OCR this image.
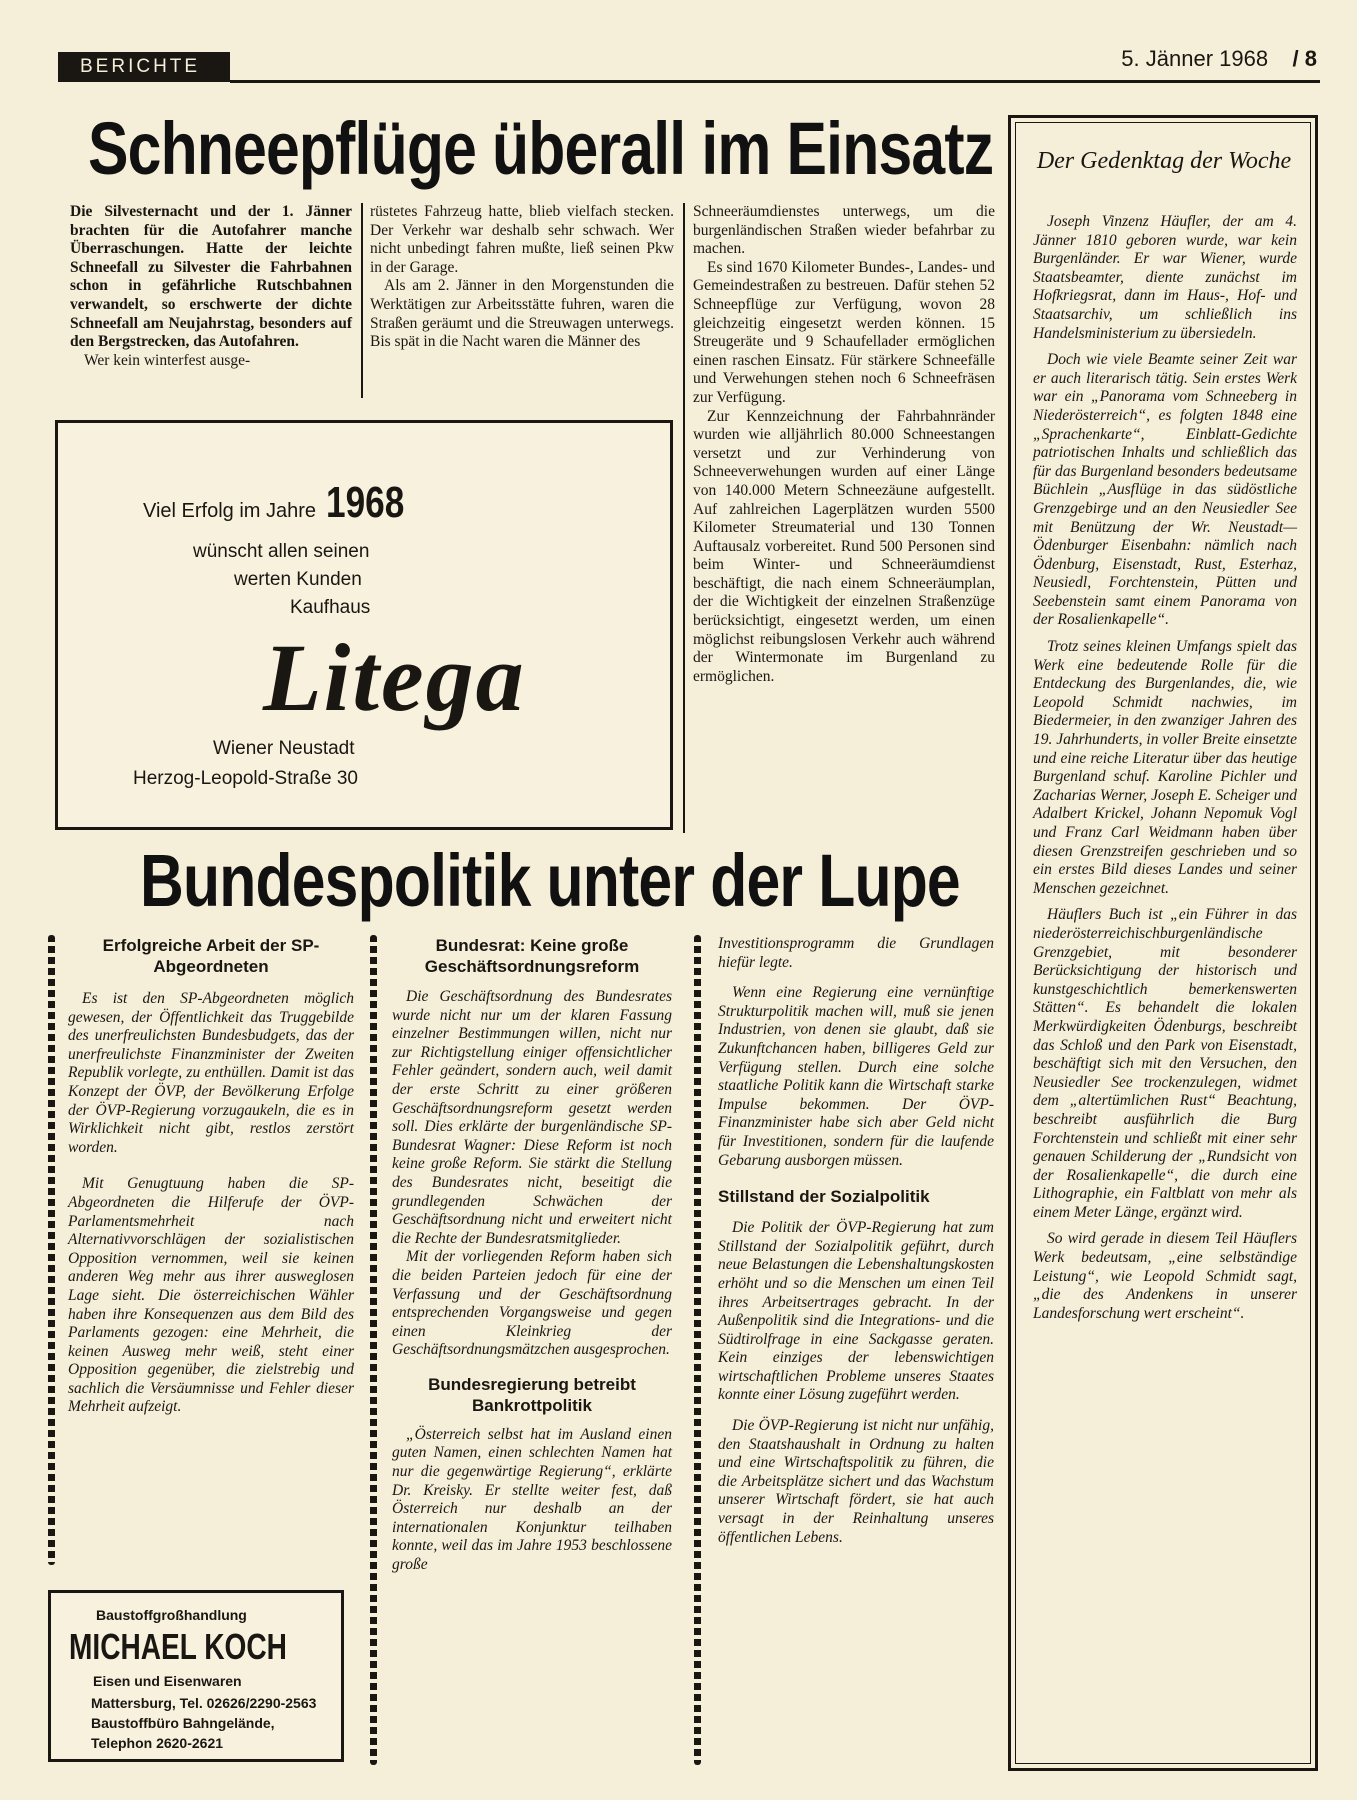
BERICHTE	5. Jänner 1968 / 8
Schneepflüge überall im Einsatz

Die Silvesternacht und der 1. Jänner brachten für die Autofahrer manche Überraschungen. Hatte der leichte Schneefall zu Silvester die Fahrbahnen schon in gefährliche Rutschbahnen verwandelt, so erschwerte der dichte Schneefall am Neujahrstag, besonders auf den Bergstrecken, das Autofahren.

Wer kein winterfest ausge-

rüstetes Fahrzeug hatte, blieb vielfach stecken. Der Verkehr war deshalb sehr schwach. Wer nicht unbedingt fahren mußte, ließ seinen Pkw in der Garage.

Als am 2. Jänner in den Morgenstunden die Werktätigen zur Arbeitsstätte fuhren, waren die Straßen geräumt und die Streuwagen unterwegs. Bis spät in die Nacht waren die Männer des

Schneeräumdienstes unterwegs, um die burgenländischen Straßen wieder befahrbar zu machen.

Es sind 1670 Kilometer Bundes-, Landes- und Gemeindestraßen zu bestreuen. Dafür stehen 52 Schneepflüge zur Verfügung, wovon 28 gleichzeitig eingesetzt werden können. 15 Streugeräte und 9 Schaufellader ermöglichen einen raschen Einsatz. Für stärkere Schneefälle und Verwehungen stehen noch 6 Schneefräsen zur Verfügung.

Zur Kennzeichnung der Fahrbahnränder wurden wie alljährlich 80.000 Schneestangen versetzt und zur Verhinderung von Schneeverwehungen wurden auf einer Länge von 140.000 Metern Schneezäune aufgestellt. Auf zahlreichen Lagerplätzen wurden 5500 Kilometer Streumaterial und 130 Tonnen Auftausalz vorbereitet. Rund 500 Personen sind beim Winter- und Schneeräumdienst beschäftigt, die nach einem Schneeräumplan, der die Wichtigkeit der einzelnen Straßenzüge berücksichtigt, eingesetzt werden, um einen möglichst reibungslosen Verkehr auch während der Wintermonate im Burgenland zu ermöglichen.

Viel Erfolg im Jahre 1968
wünscht allen seinen
werten Kunden
Kaufhaus
Litega
Wiener Neustadt
Herzog-Leopold-Straße 30
Bundespolitik unter der Lupe
Erfolgreiche Arbeit der SP-Abgeordneten

Es ist den SP-Abgeordneten möglich gewesen, der Öffentlichkeit das Truggebilde des unerfreulichsten Bundesbudgets, das der unerfreulichste Finanzminister der Zweiten Republik vorlegte, zu enthüllen. Damit ist das Konzept der ÖVP, der Bevölkerung Erfolge der ÖVP-Regierung vorzugaukeln, die es in Wirklichkeit nicht gibt, restlos zerstört worden.

Mit Genugtuung haben die SP-Abgeordneten die Hilferufe der ÖVP-Parlamentsmehrheit nach Alternativvorschlägen der sozialistischen Opposition vernommen, weil sie keinen anderen Weg mehr aus ihrer ausweglosen Lage sieht. Die österreichischen Wähler haben ihre Konsequenzen aus dem Bild des Parlaments gezogen: eine Mehrheit, die keinen Ausweg mehr weiß, steht einer Opposition gegenüber, die zielstrebig und sachlich die Versäumnisse und Fehler dieser Mehrheit aufzeigt.

Baustoffgroßhandlung
MICHAEL KOCH
Eisen und Eisenwaren
Mattersburg, Tel. 02626/2290-2563
Baustoffbüro Bahngelände,
Telephon 2620-2621
Bundesrat: Keine große Geschäftsordnungsreform

Die Geschäftsordnung des Bundesrates wurde nicht nur um der klaren Fassung einzelner Bestimmungen willen, nicht nur zur Richtigstellung einiger offensichtlicher Fehler geändert, sondern auch, weil damit der erste Schritt zu einer größeren Geschäftsordnungsreform gesetzt werden soll. Dies erklärte der burgenländische SP-Bundesrat Wagner: Diese Reform ist noch keine große Reform. Sie stärkt die Stellung des Bundesrates nicht, beseitigt die grundlegenden Schwächen der Geschäftsordnung nicht und erweitert nicht die Rechte der Bundesratsmitglieder.

Mit der vorliegenden Reform haben sich die beiden Parteien jedoch für eine der Verfassung und der Geschäftsordnung entsprechenden Vorgangsweise und gegen einen Kleinkrieg der Geschäftsordnungsmätzchen ausgesprochen.

Bundesregierung betreibt Bankrottpolitik

„Österreich selbst hat im Ausland einen guten Namen, einen schlechten Namen hat nur die gegenwärtige Regierung“, erklärte Dr. Kreisky. Er stellte weiter fest, daß Österreich nur deshalb an der internationalen Konjunktur teilhaben konnte, weil das im Jahre 1953 beschlossene große

Investitionsprogramm die Grundlagen hiefür legte.

Wenn eine Regierung eine vernünftige Strukturpolitik machen will, muß sie jenen Industrien, von denen sie glaubt, daß sie Zukunftchancen haben, billigeres Geld zur Verfügung stellen. Durch eine solche staatliche Politik kann die Wirtschaft starke Impulse bekommen. Der ÖVP-Finanzminister habe sich aber Geld nicht für Investitionen, sondern für die laufende Gebarung ausborgen müssen.

Stillstand der Sozialpolitik

Die Politik der ÖVP-Regierung hat zum Stillstand der Sozialpolitik geführt, durch neue Belastungen die Lebenshaltungskosten erhöht und so die Menschen um einen Teil ihres Arbeitsertrages gebracht. In der Außenpolitik sind die Integrations- und die Südtirolfrage in eine Sackgasse geraten. Kein einziges der lebenswichtigen wirtschaftlichen Probleme unseres Staates konnte einer Lösung zugeführt werden.

Die ÖVP-Regierung ist nicht nur unfähig, den Staatshaushalt in Ordnung zu halten und eine Wirtschaftspolitik zu führen, die die Arbeitsplätze sichert und das Wachstum unserer Wirtschaft fördert, sie hat auch versagt in der Reinhaltung unseres öffentlichen Lebens.

Der Gedenktag der Woche

Joseph Vinzenz Häufler, der am 4. Jänner 1810 geboren wurde, war kein Burgenländer. Er war Wiener, wurde Staatsbeamter, diente zunächst im Hofkriegsrat, dann im Haus-, Hof- und Staatsarchiv, um schließlich ins Handelsministerium zu übersiedeln.

Doch wie viele Beamte seiner Zeit war er auch literarisch tätig. Sein erstes Werk war ein „Panorama vom Schneeberg in Niederösterreich“, es folgten 1848 eine „Sprachenkarte“, Einblatt-Gedichte patriotischen Inhalts und schließlich das für das Burgenland besonders bedeutsame Büchlein „Ausflüge in das südöstliche Grenzgebirge und an den Neusiedler See mit Benützung der Wr. Neustadt—Ödenburger Eisenbahn: nämlich nach Ödenburg, Eisenstadt, Rust, Esterhaz, Neusiedl, Forchtenstein, Pütten und Seebenstein samt einem Panorama von der Rosalienkapelle“.

Trotz seines kleinen Umfangs spielt das Werk eine bedeutende Rolle für die Entdeckung des Burgenlandes, die, wie Leopold Schmidt nachwies, im Biedermeier, in den zwanziger Jahren des 19. Jahrhunderts, in voller Breite einsetzte und eine reiche Literatur über das heutige Burgenland schuf. Karoline Pichler und Zacharias Werner, Joseph E. Scheiger und Adalbert Krickel, Johann Nepomuk Vogl und Franz Carl Weidmann haben über diesen Grenzstreifen geschrieben und so ein erstes Bild dieses Landes und seiner Menschen gezeichnet.

Häuflers Buch ist „ein Führer in das niederösterreichischburgenländische Grenzgebiet, mit besonderer Berücksichtigung der historisch und kunstgeschichtlich bemerkenswerten Stätten“. Es behandelt die lokalen Merkwürdigkeiten Ödenburgs, beschreibt das Schloß und den Park von Eisenstadt, beschäftigt sich mit den Versuchen, den Neusiedler See trockenzulegen, widmet dem „altertümlichen Rust“ Beachtung, beschreibt ausführlich die Burg Forchtenstein und schließt mit einer sehr genauen Schilderung der „Rundsicht von der Rosalienkapelle“, die durch eine Lithographie, ein Faltblatt von mehr als einem Meter Länge, ergänzt wird.

So wird gerade in diesem Teil Häuflers Werk bedeutsam, „eine selbständige Leistung“, wie Leopold Schmidt sagt, „die des Andenkens in unserer Landesforschung wert erscheint“.
